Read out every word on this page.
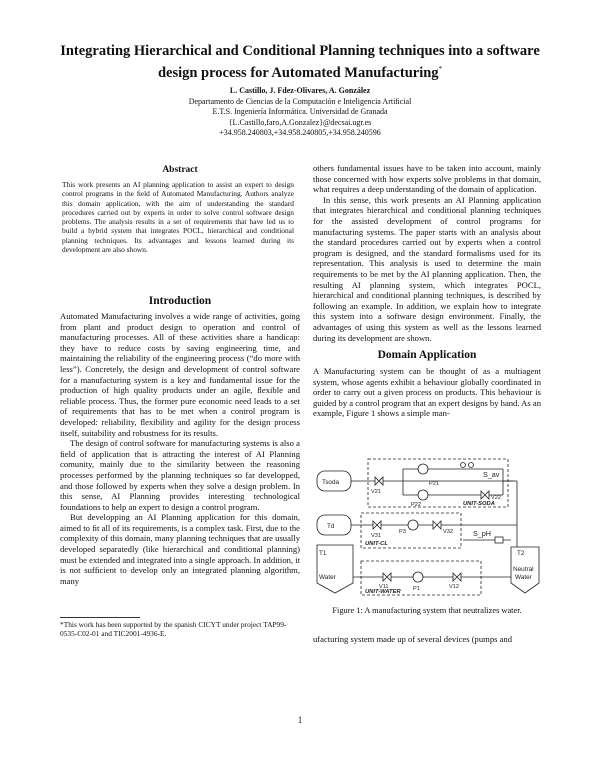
Integrating Hierarchical and Conditional Planning techniques into a software
design process for Automated Manufacturing*
L. Castillo, J. Fdez-Olivares, A. González
Departamento de Ciencias de la Computación e Inteligencia Artiﬁcial
E.T.S. Ingeniería Informática. Universidad de Granada
{L.Castillo,faro,A.Gonzalez}@decsai.ugr.es
+34.958.240803,+34.958.240805,+34.958.240596
Abstract
This work presents an AI planning application to assist an expert to design control programs in the ﬁeld of Automated Manufacturing. Authors analyze this domain application, with the aim of understanding the standard procedures carried out by experts in order to solve control software design problems. The analysis results in a set of requirements that have led us to build a hybrid system that integrates POCL, hierarchical and conditional planning techniques. Its advantages and lessons learned during its development are also shown.
Introduction

Automated Manufacturing involves a wide range of activities, going from plant and product design to operation and control of manufacturing processes. All of these activities share a handicap: they have to reduce costs by saving engineering time, and maintaining the reliability of the engineering process (“do more with less”). Concretely, the design and development of control software for a manufacturing system is a key and fundamental issue for the production of high quality products under an agile, ﬂexible and reliable process. Thus, the former pure economic need leads to a set of requirements that has to be met when a control program is developed: reliability, ﬂexibility and agility for the design process itself, suitability and robustness for its results.

The design of control software for manufacturing systems is also a ﬁeld of application that is attracting the interest of AI Planning comunity, mainly due to the similarity between the reasoning processes performed by the planning techniques so far developped, and those followed by experts when they solve a design problem. In this sense, AI Planning provides interesting technological foundations to help an expert to design a control program.

But developping an AI Planning application for this domain, aimed to ﬁt all of its requirements, is a complex task. First, due to the complexity of this domain, many planning techniques that are usually developed separatedly (like hierarchical and conditional planning) must be extended and integrated into a single approach. In addition, it is not sufﬁcient to develop only an integrated planning algorithm, many

*This work has been supported by the spanish CICYT under project TAP99-0535-C02-01 and TIC2001-4936-E.

others fundamental issues have to be taken into account, mainly those concerned with how experts solve problems in that domain, what requires a deep understanding of the domain of application.

In this sense, this work presents an AI Planning application that integrates hierarchical and conditional planning techniques for the assisted development of control programs for manufacturing systems. The paper starts with an analysis about the standard procedures carried out by experts when a control program is designed, and the standard formalisms used for its representation. This analysis is used to determine the main requirements to be met by the AI planning application. Then, the resulting AI planning system, which integrates POCL, hierarchical and conditional planning techniques, is described by following an example. In addition, we explain how to integrate this system into a software design environment. Finally, the advantages of using this system as well as the lessons learned during its development are shown.

Domain Application
A Manufacturing system can be thought of as a multiagent system, whose agents exhibit a behaviour globally coordinated in order to carry out a given process on products. This behaviour is guided by a control program that an expert designs by hand. As an example, Figure 1 shows a simple man-
Tsoda
Td
T1
Water
T2
Neutral
Water
S_av
S_pH
UNIT-SODA
UNIT-CL
UNIT-WATER
V21
V22
V31
V32
V11	V12
P21
P22
P3
P1
Figure 1: A manufacturing system that neutralizes water.
ufacturing system made up of several devices (pumps and
1
